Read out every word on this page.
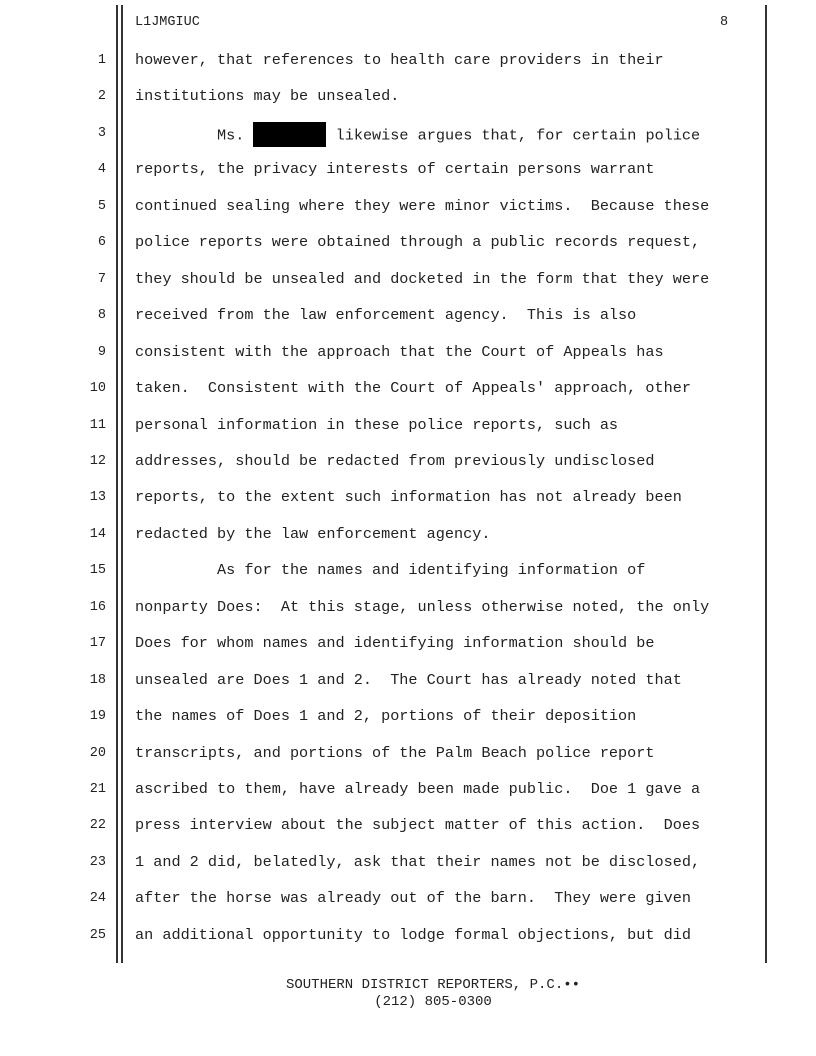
L1JMGIUC	8
1 however, that references to health care providers in their
2 institutions may be unsealed.
3 Ms.	likewise argues that, for certain police
4 reports, the privacy interests of certain persons warrant
5 continued sealing where they were minor victims.  Because these
6 police reports were obtained through a public records request,
7 they should be unsealed and docketed in the form that they were
8 received from the law enforcement agency.  This is also
9 consistent with the approach that the Court of Appeals has
10 taken.  Consistent with the Court of Appeals' approach, other
11 personal information in these police reports, such as
12 addresses, should be redacted from previously undisclosed
13 reports, to the extent such information has not already been
14 redacted by the law enforcement agency.
15 As for the names and identifying information of
16 nonparty Does:  At this stage, unless otherwise noted, the only
17 Does for whom names and identifying information should be
18 unsealed are Does 1 and 2.  The Court has already noted that
19 the names of Does 1 and 2, portions of their deposition
20 transcripts, and portions of the Palm Beach police report
21 ascribed to them, have already been made public.  Doe 1 gave a
22 press interview about the subject matter of this action.  Does
23 1 and 2 did, belatedly, ask that their names not be disclosed,
24 after the horse was already out of the barn.  They were given
25 an additional opportunity to lodge formal objections, but did
SOUTHERN DISTRICT REPORTERS, P.C.••
(212) 805-0300
